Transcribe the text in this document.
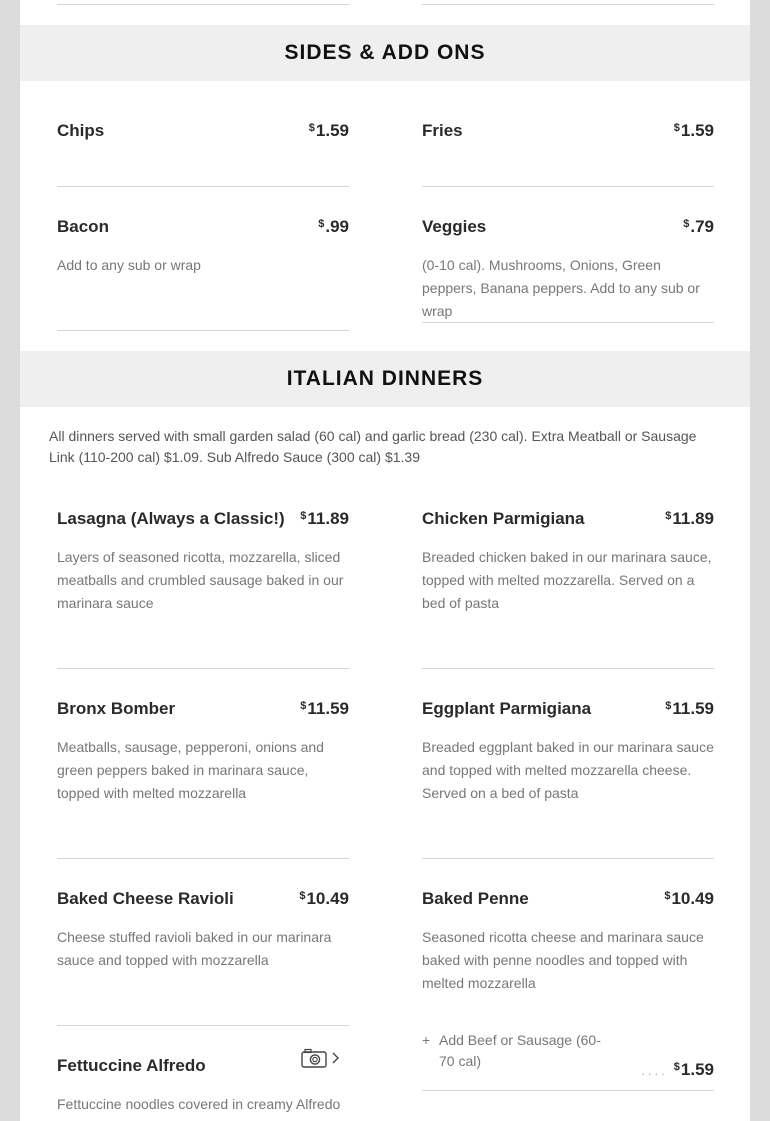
SIDES & ADD ONS
Chips	$1.59	Fries	$1.59
Bacon	$.99
Add to any sub or wrap
Veggies	$.79
(0-10 cal). Mushrooms, Onions, Green peppers, Banana peppers. Add to any sub or wrap
ITALIAN DINNERS
All dinners served with small garden salad (60 cal) and garlic bread (230 cal). Extra Meatball or Sausage Link (110-200 cal) $1.09. Sub Alfredo Sauce (300 cal) $1.39
Lasagna (Always a Classic!) $11.89
Layers of seasoned ricotta, mozzarella, sliced meatballs and crumbled sausage baked in our marinara sauce
Chicken Parmigiana	$11.89
Breaded chicken baked in our marinara sauce, topped with melted mozzarella. Served on a bed of pasta
Bronx Bomber	$11.59
Meatballs, sausage, pepperoni, onions and green peppers baked in marinara sauce, topped with melted mozzarella
Eggplant Parmigiana	$11.59
Breaded eggplant baked in our marinara sauce and topped with melted mozzarella cheese. Served on a bed of pasta
Baked Cheese Ravioli	$10.49
Cheese stuffed ravioli baked in our marinara sauce and topped with mozzarella
Baked Penne	$10.49
Seasoned ricotta cheese and marinara sauce baked with penne noodles and topped with melted mozzarella
+ Add Beef or Sausage (60-70 cal)
.... $1.59
Fettuccine Alfredo
Fettuccine noodles covered in creamy Alfredo
